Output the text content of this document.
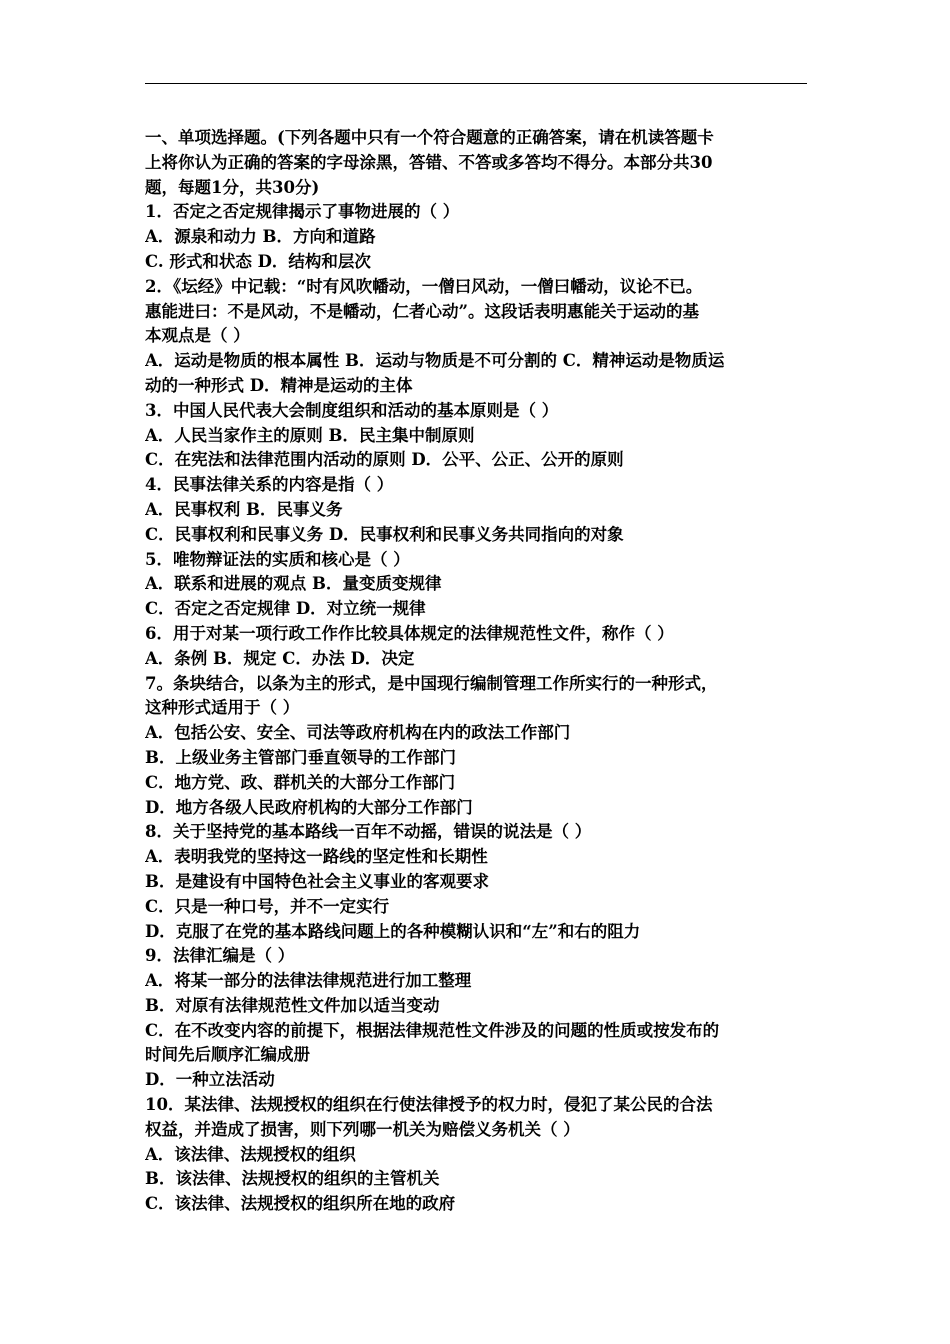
一、单项选择题。(下列各题中只有一个符合题意的正确答案，请在机读答题卡
上将你认为正确的答案的字母涂黑，答错、不答或多答均不得分。本部分共30
题，每题1分，共30分)
1．否定之否定规律揭示了事物进展的（ ）
A．源泉和动力 B．方向和道路
C. 形式和状态 D．结构和层次
2．《坛经》中记载：“时有风吹幡动，一僧曰风动，一僧曰幡动，议论不已。
惠能进曰：不是风动，不是幡动，仁者心动”。这段话表明惠能关于运动的基
本观点是（ ）
A．运动是物质的根本属性 B．运动与物质是不可分割的 C．精神运动是物质运
动的一种形式 D．精神是运动的主体
3．中国人民代表大会制度组织和活动的基本原则是（ ）
A．人民当家作主的原则 B．民主集中制原则
C．在宪法和法律范围内活动的原则 D．公平、公正、公开的原则
4．民事法律关系的内容是指（ ）
A．民事权利 B．民事义务
C．民事权利和民事义务 D．民事权利和民事义务共同指向的对象
5．唯物辩证法的实质和核心是（ ）
A．联系和进展的观点 B．量变质变规律
C．否定之否定规律 D．对立统一规律
6．用于对某一项行政工作作比较具体规定的法律规范性文件，称作（ ）
A．条例 B．规定 C．办法 D．决定
7。条块结合，以条为主的形式，是中国现行编制管理工作所实行的一种形式，
这种形式适用于（ ）
A．包括公安、安全、司法等政府机构在内的政法工作部门
B．上级业务主管部门垂直领导的工作部门
C．地方党、政、群机关的大部分工作部门
D．地方各级人民政府机构的大部分工作部门
8．关于坚持党的基本路线一百年不动摇，错误的说法是（ ）
A．表明我党的坚持这一路线的坚定性和长期性
B．是建设有中国特色社会主义事业的客观要求
C．只是一种口号，并不一定实行
D．克服了在党的基本路线问题上的各种模糊认识和“左”和右的阻力
9．法律汇编是（ ）
A．将某一部分的法律法律规范进行加工整理
B．对原有法律规范性文件加以适当变动
C．在不改变内容的前提下，根据法律规范性文件涉及的问题的性质或按发布的
时间先后顺序汇编成册
D．一种立法活动
10．某法律、法规授权的组织在行使法律授予的权力时，侵犯了某公民的合法
权益，并造成了损害，则下列哪一机关为赔偿义务机关（ ）
A．该法律、法规授权的组织
B．该法律、法规授权的组织的主管机关
C．该法律、法规授权的组织所在地的政府
